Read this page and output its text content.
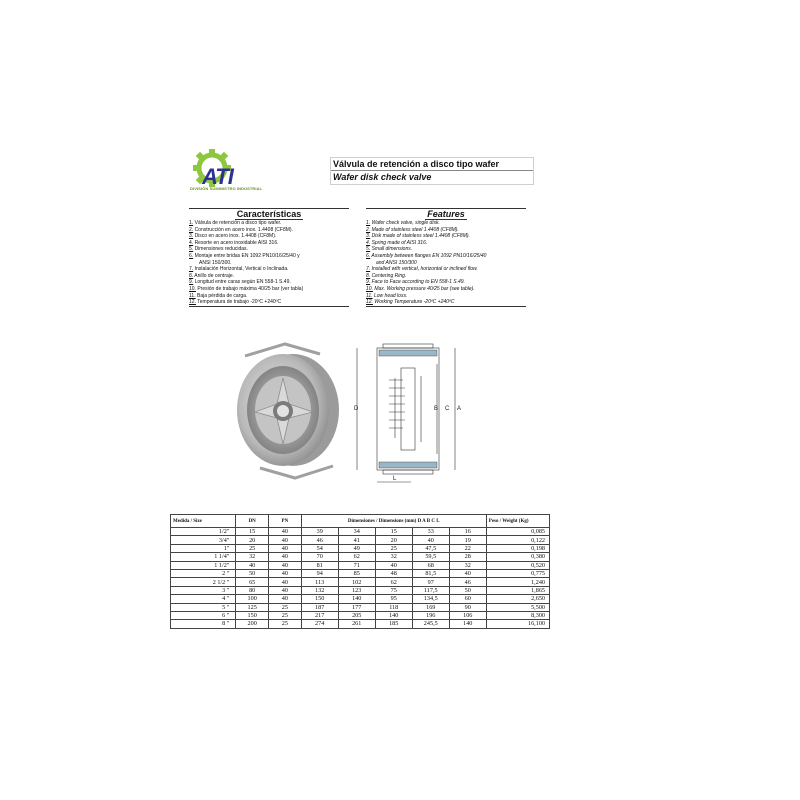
ATI
DIVISIÓN SUMINISTRO INDUSTRIAL
Válvula de retención a disco tipo wafer
Wafer disk check valve
Características
1. Válvula de retención a disco tipo wafer.
2. Construcción en acero inox. 1.4408 (CF8M).
3. Disco en acero inox. 1.4408 (CF8M).
4. Resorte en acero inoxidable AISI 316.
5. Dimensiones reducidas.
6. Montaje entre bridas EN 1092 PN10/16/25/40 y
ANSI 150/300.
7. Instalación Horizontal, Vertical o Inclinada.
8. Anillo de centraje.
9. Longitud entre caras según EN 558-1 S.49.
10. Presión de trabajo máxima 40/25 bar (ver tabla)
11. Baja pérdida de carga.
12. Temperatura de trabajo -20ºC +240ºC
Features
1. Wafer check valve, single disk.
2. Made of stainless steel 1.4408 (CF8M).
3. Disk made of stainless steel 1.4408 (CF8M).
4. Spring made of AISI 316.
5. Small dimensions.
6. Assembly between flanges EN 1092 PN10/16/25/40
and ANSI 150/300
7. Installed with vertical, horizontal or inclined flow.
8. Centering Ring.
9. Face to Face according to EN 558-1 S.49.
10. Max. Working pressure 40/25 bar (see table).
11. Low head loss.
12. Working Temperature -20ºC +240ºC
D	B C A
L
Medida / Size	DN	PN	Dimensiones / Dimensions (mm) D A B C L					Peso / Weight (Kg)
1/2"	15	40	39	34	15	33	16	0,085
3/4"	20	40	46	41	20	40	19	0,122
1"	25	40	54	49	25	47,5	22	0,198
1 1/4"	32	40	70	62	32	59,5	28	0,380
1 1/2"	40	40	81	71	40	68	32	0,520
2 "	50	40	94	85	48	81,5	40	0,775
2 1/2 "	65	40	113	102	62	97	46	1,240
3 "	80	40	132	123	75	117,5	50	1,865
4 "	100	40	150	140	95	134,5	60	2,650
5 "	125	25	187	177	118	169	90	5,500
6 "	150	25	217	205	140	196	106	8,300
8 "	200	25	274	261	185	245,5	140	16,100
